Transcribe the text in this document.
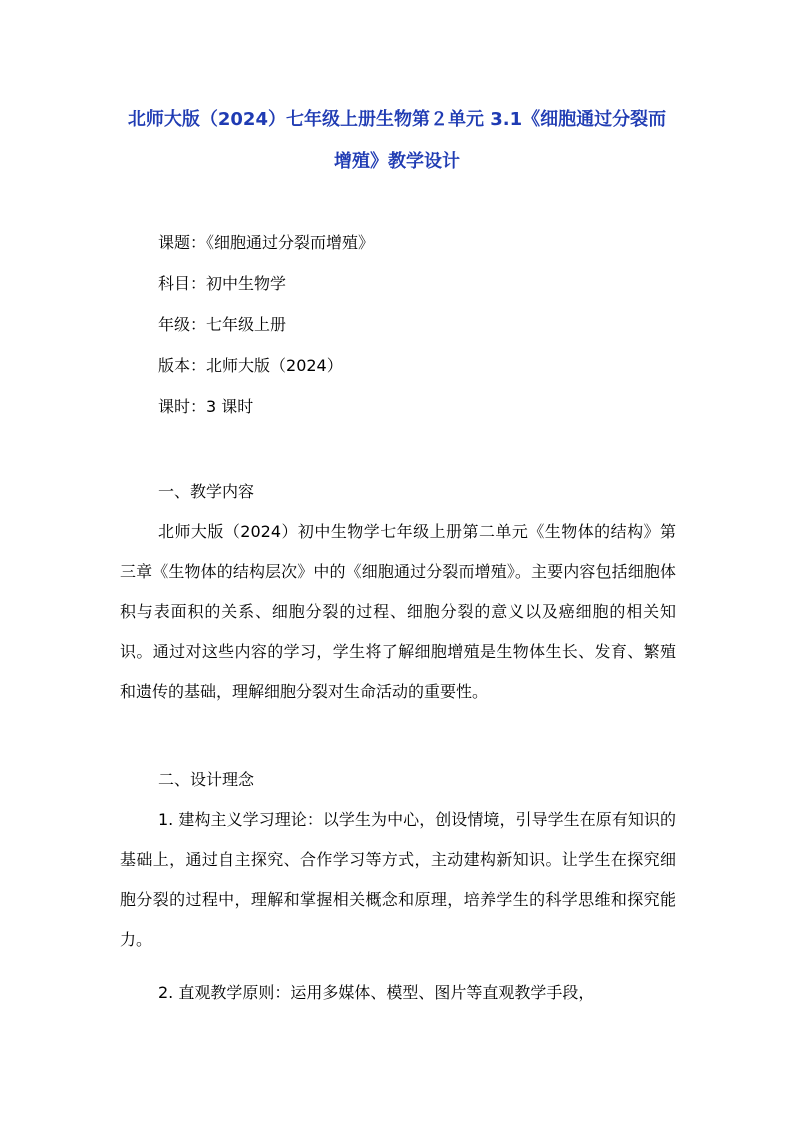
北师大版（2024）七年级上册生物第２单元 3.1《细胞通过分裂而
增殖》教学设计
课题：《细胞通过分裂而增殖》
科目：初中生物学
年级：七年级上册
版本：北师大版（2024）
课时：3 课时
一、教学内容
北师大版（2024）初中生物学七年级上册第二单元《生物体的结构》第三章《生物体的结构层次》中的《细胞通过分裂而增殖》。主要内容包括细胞体积与表面积的关系、细胞分裂的过程、细胞分裂的意义以及癌细胞的相关知识。通过对这些内容的学习，学生将了解细胞增殖是生物体生长、发育、繁殖和遗传的基础，理解细胞分裂对生命活动的重要性。
二、设计理念
1. 建构主义学习理论：以学生为中心，创设情境，引导学生在原有知识的基础上，通过自主探究、合作学习等方式，主动建构新知识。让学生在探究细胞分裂的过程中，理解和掌握相关概念和原理，培养学生的科学思维和探究能力。
2. 直观教学原则：运用多媒体、模型、图片等直观教学手段，
